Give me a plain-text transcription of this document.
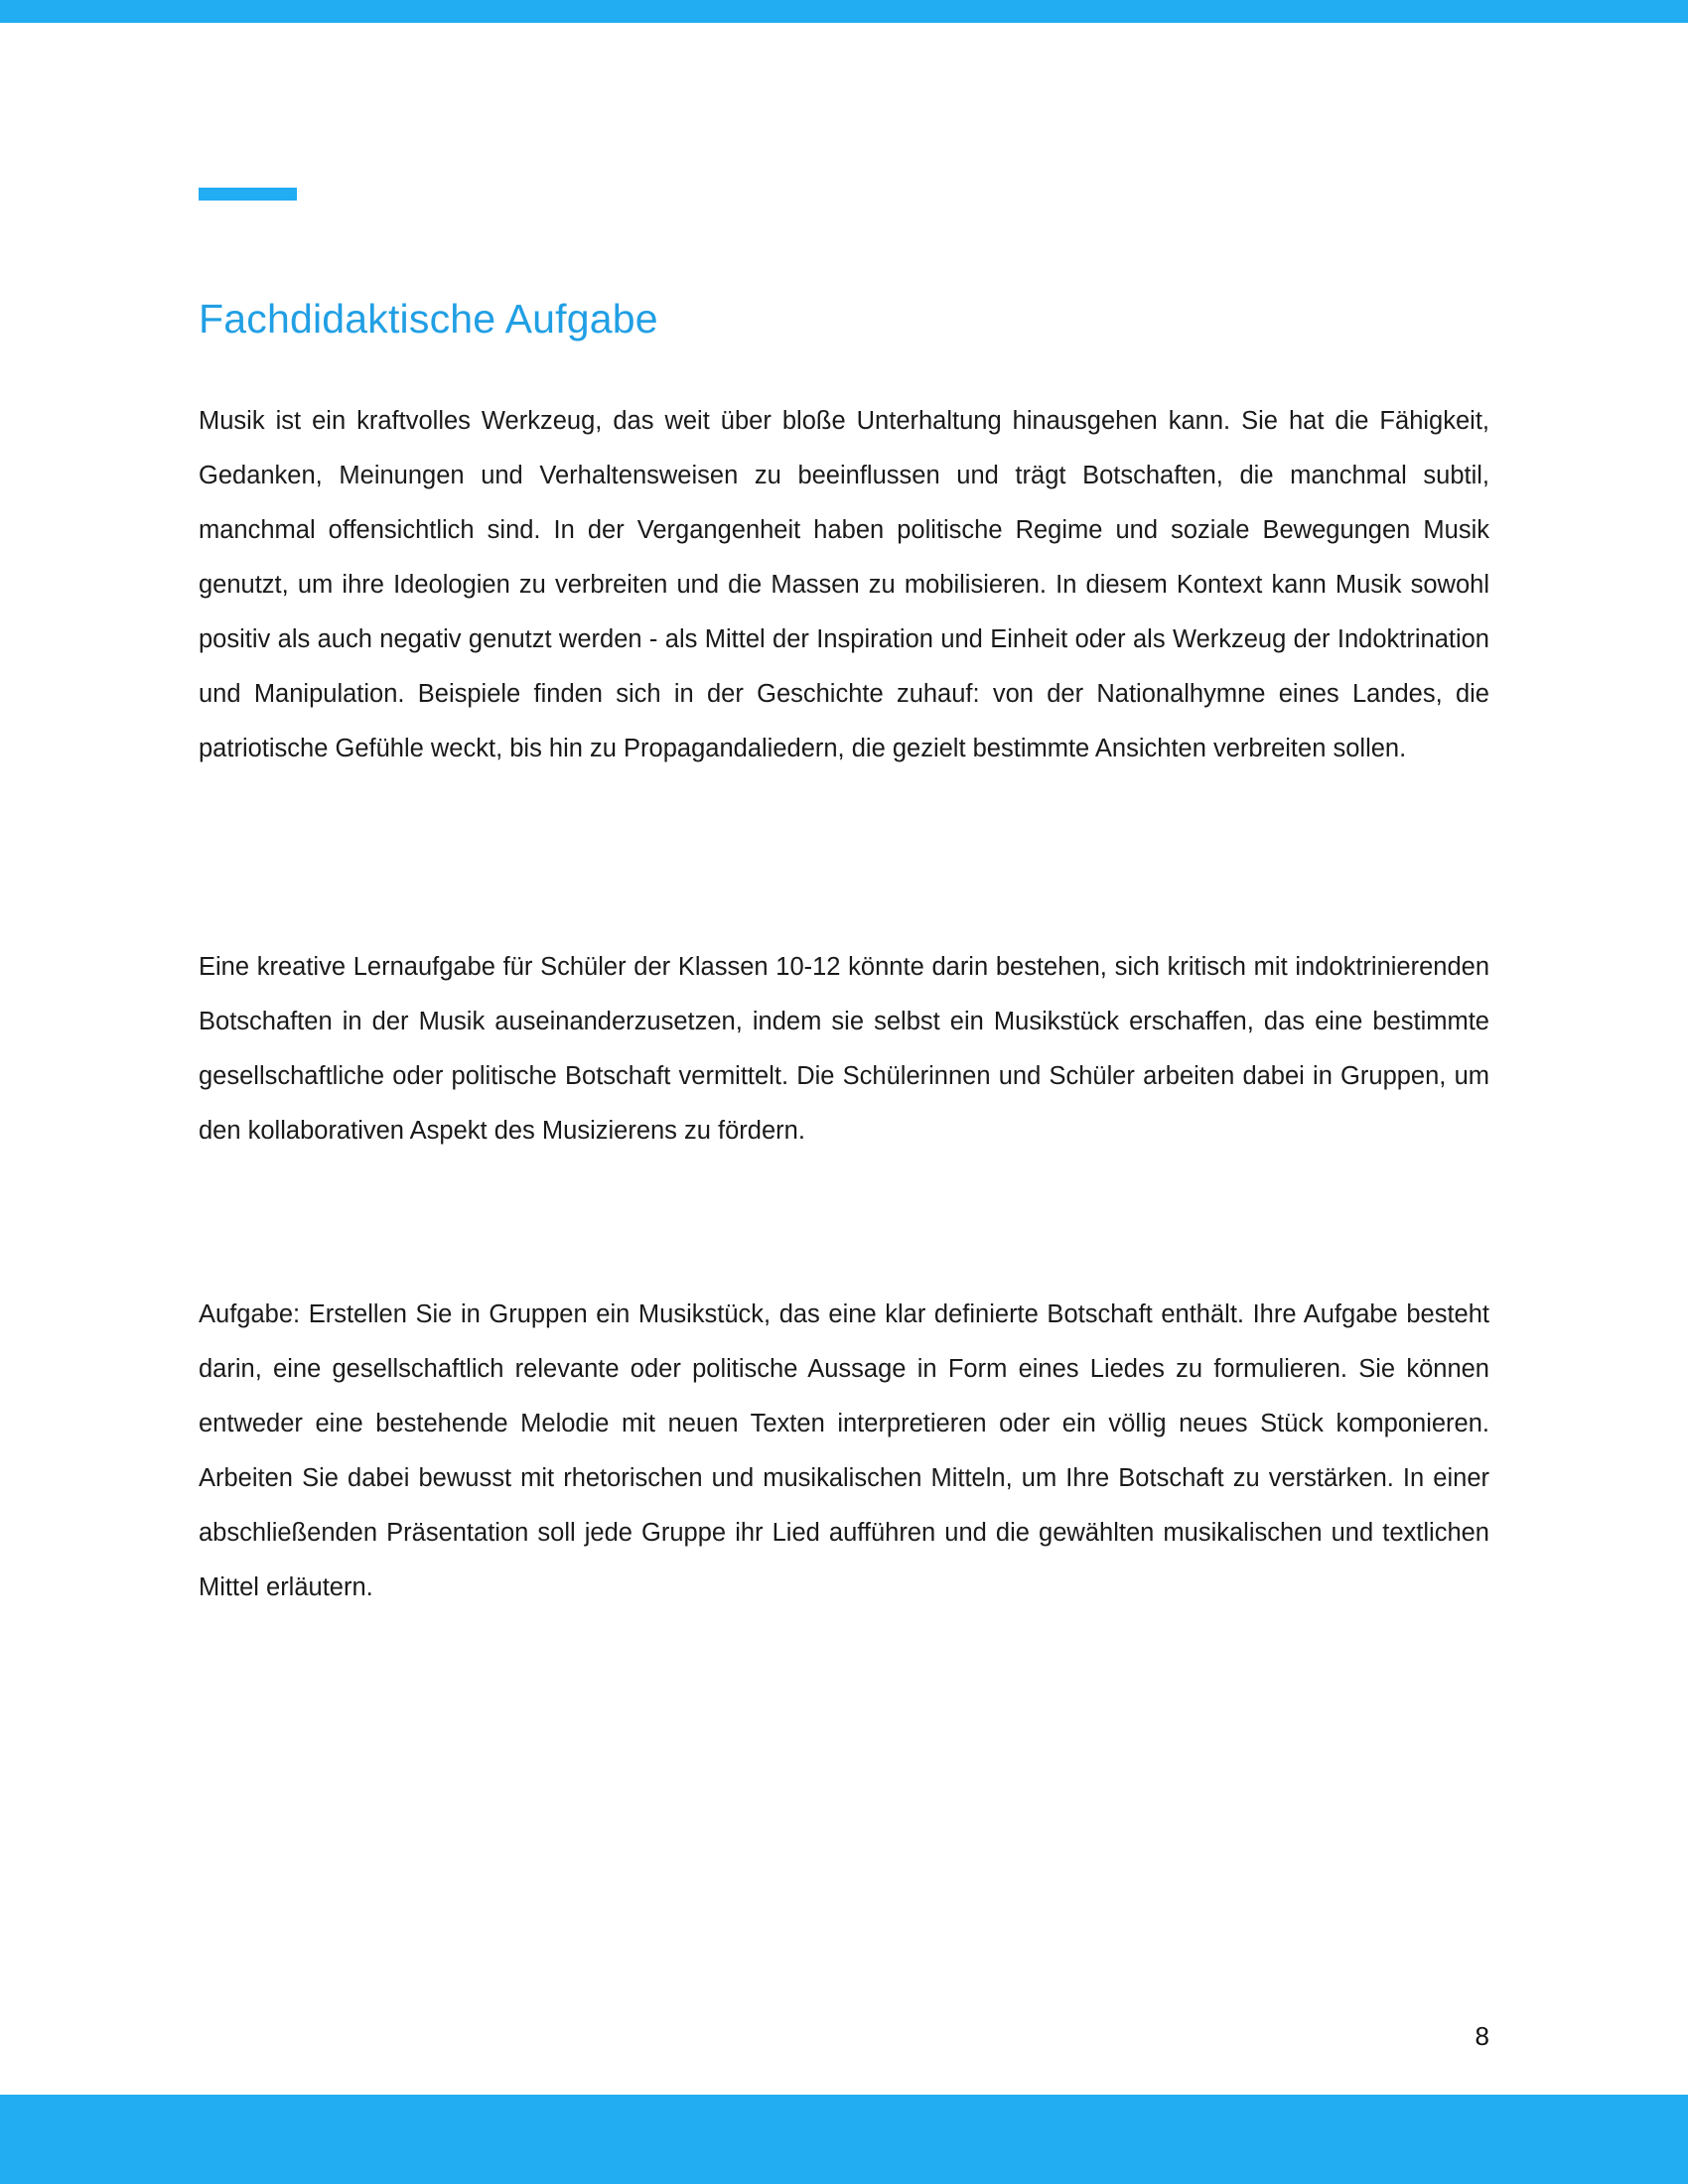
Fachdidaktische Aufgabe

Musik ist ein kraftvolles Werkzeug, das weit über bloße Unterhaltung hinausgehen kann. Sie hat die Fähigkeit, Gedanken, Meinungen und Verhaltensweisen zu beeinflussen und trägt Botschaften, die manchmal subtil, manchmal offensichtlich sind. In der Vergangenheit haben politische Regime und soziale Bewegungen Musik genutzt, um ihre Ideologien zu verbreiten und die Massen zu mobilisieren. In diesem Kontext kann Musik sowohl positiv als auch negativ genutzt werden - als Mittel der Inspiration und Einheit oder als Werkzeug der Indoktrination und Manipulation. Beispiele finden sich in der Geschichte zuhauf: von der Nationalhymne eines Landes, die patriotische Gefühle weckt, bis hin zu Propagandaliedern, die gezielt bestimmte Ansichten verbreiten sollen.

Eine kreative Lernaufgabe für Schüler der Klassen 10-12 könnte darin bestehen, sich kritisch mit indoktrinierenden Botschaften in der Musik auseinanderzusetzen, indem sie selbst ein Musikstück erschaffen, das eine bestimmte gesellschaftliche oder politische Botschaft vermittelt. Die Schülerinnen und Schüler arbeiten dabei in Gruppen, um den kollaborativen Aspekt des Musizierens zu fördern.

Aufgabe: Erstellen Sie in Gruppen ein Musikstück, das eine klar definierte Botschaft enthält. Ihre Aufgabe besteht darin, eine gesellschaftlich relevante oder politische Aussage in Form eines Liedes zu formulieren. Sie können entweder eine bestehende Melodie mit neuen Texten interpretieren oder ein völlig neues Stück komponieren. Arbeiten Sie dabei bewusst mit rhetorischen und musikalischen Mitteln, um Ihre Botschaft zu verstärken. In einer abschließenden Präsentation soll jede Gruppe ihr Lied aufführen und die gewählten musikalischen und textlichen Mittel erläutern.

8
